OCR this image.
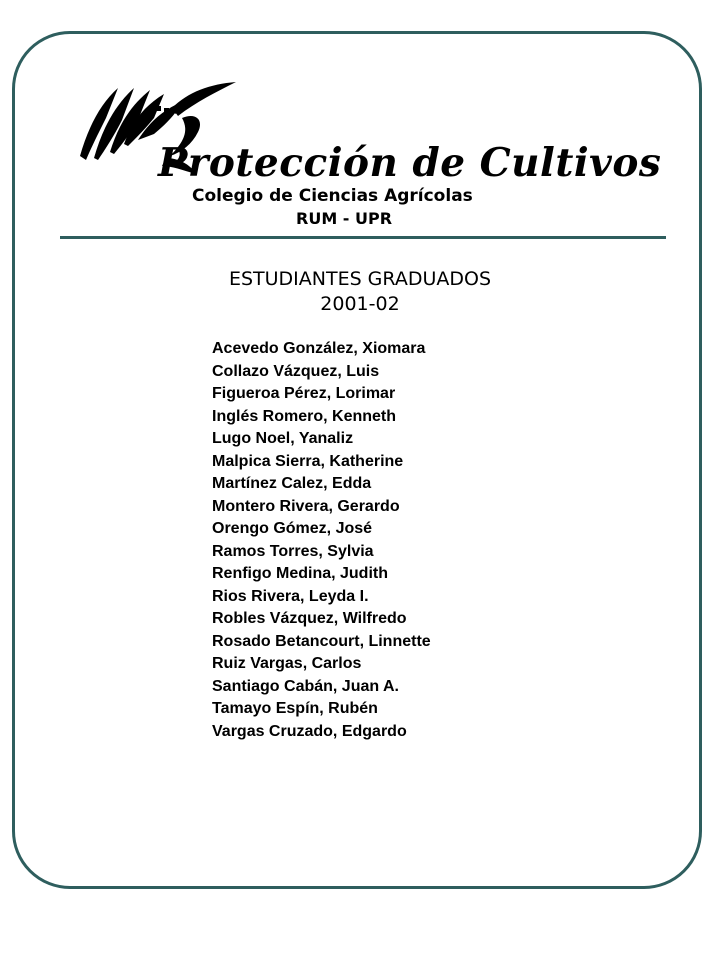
Protección de Cultivos
Colegio de Ciencias Agrícolas
RUM - UPR
ESTUDIANTES GRADUADOS
2001-02
Acevedo González, Xiomara
Collazo Vázquez, Luis
Figueroa Pérez, Lorimar
Inglés Romero, Kenneth
Lugo Noel, Yanaliz
Malpica Sierra, Katherine
Martínez Calez, Edda
Montero Rivera, Gerardo
Orengo Gómez, José
Ramos Torres, Sylvia
Renfigo Medina, Judith
Rios Rivera, Leyda I.
Robles Vázquez, Wilfredo
Rosado Betancourt, Linnette
Ruiz Vargas, Carlos
Santiago Cabán, Juan A.
Tamayo Espín, Rubén
Vargas Cruzado, Edgardo
